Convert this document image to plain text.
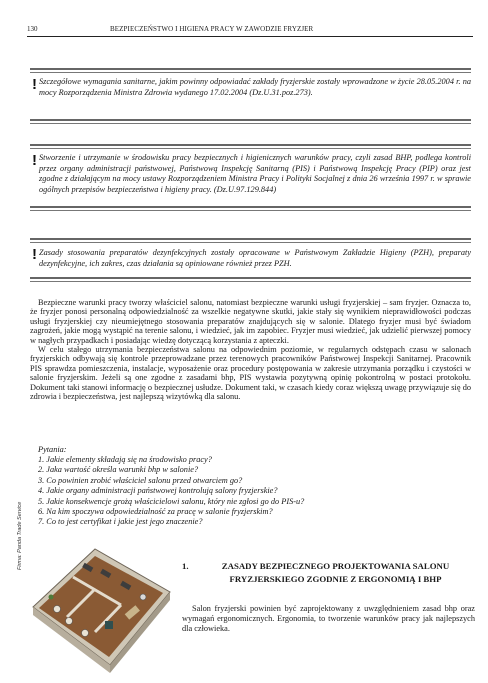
130	BEZPIECZEŃSTWO I HIGIENA PRACY W ZAWODZIE FRYZJER
! Szczegółowe wymagania sanitarne, jakim powinny odpowiadać zakłady fryzjerskie zostały wprowadzone w życie 28.05.2004 r. na mocy Rozporządzenia Ministra Zdrowia wydanego 17.02.2004 (Dz.U.31.poz.273).
! Stworzenie i utrzymanie w środowisku pracy bezpiecznych i higienicznych warunków pracy, czyli zasad BHP, podlega kontroli przez organy administracji państwowej, Państwową Inspekcję Sanitarną (PIS) i Państwową Inspekcję Pracy (PIP) oraz jest zgodne z działającym na mocy ustawy Rozporządzeniem Ministra Pracy i Polityki Socjalnej z dnia 26 września 1997 r. w sprawie ogólnych przepisów bezpieczeństwa i higieny pracy. (Dz.U.97.129.844)
! Zasady stosowania preparatów dezynfekcyjnych zostały opracowane w Państwowym Zakładzie Higieny (PZH), preparaty dezynfekcyjne, ich zakres, czas działania są opiniowane również przez PZH.

Bezpieczne warunki pracy tworzy właściciel salonu, natomiast bezpieczne warunki usługi fryzjerskiej – sam fryzjer. Oznacza to, że fryzjer ponosi personalną odpowiedzialność za wszelkie negatywne skutki, jakie stały się wynikiem nieprawidłowości podczas usługi fryzjerskiej czy nieumiejętnego stosowania preparatów znajdujących się w salonie. Dlatego fryzjer musi być świadom zagrożeń, jakie mogą wystąpić na terenie salonu, i wiedzieć, jak im zapobiec. Fryzjer musi wiedzieć, jak udzielić pierwszej pomocy w nagłych przypadkach i posiadając wiedzę dotyczącą korzystania z apteczki.

W celu stałego utrzymania bezpieczeństwa salonu na odpowiednim poziomie, w regularnych odstępach czasu w salonach fryzjerskich odbywają się kontrole przeprowadzane przez terenowych pracowników Państwowej Inspekcji Sanitarnej. Pracownik PIS sprawdza pomieszczenia, instalacje, wyposażenie oraz procedury postępowania w zakresie utrzymania porządku i czystości w salonie fryzjerskim. Jeżeli są one zgodne z zasadami bhp, PIS wystawia pozytywną opinię pokontrolną w postaci protokołu. Dokument taki stanowi informację o bezpiecznej usłudze. Dokument taki, w czasach kiedy coraz większą uwagę przywiązuje się do zdrowia i bezpieczeństwa, jest najlepszą wizytówką dla salonu.

Pytania:
1. Jakie elementy składają się na środowisko pracy?
2. Jaka wartość określa warunki bhp w salonie?
3. Co powinien zrobić właściciel salonu przed otwarciem go?
4. Jakie organy administracji państwowej kontrolują salony fryzjerskie?
5. Jakie konsekwencje grożą właścicielowi salonu, który nie zgłosi go do PIS-u?
6. Na kim spoczywa odpowiedzialność za pracę w salonie fryzjerskim?
7. Co to jest certyfikat i jakie jest jego znaczenie?
Firma: Panda Trade Service	1.	ZASADY BEZPIECZNEGO PROJEKTOWANIA SALONU FRYZJERSKIEGO ZGODNIE Z ERGONOMIĄ I BHP

Salon fryzjerski powinien być zaprojektowany z uwzględnieniem zasad bhp oraz wymagań ergonomicznych. Ergonomia, to tworzenie warunków pracy jak najlepszych dla człowieka.
